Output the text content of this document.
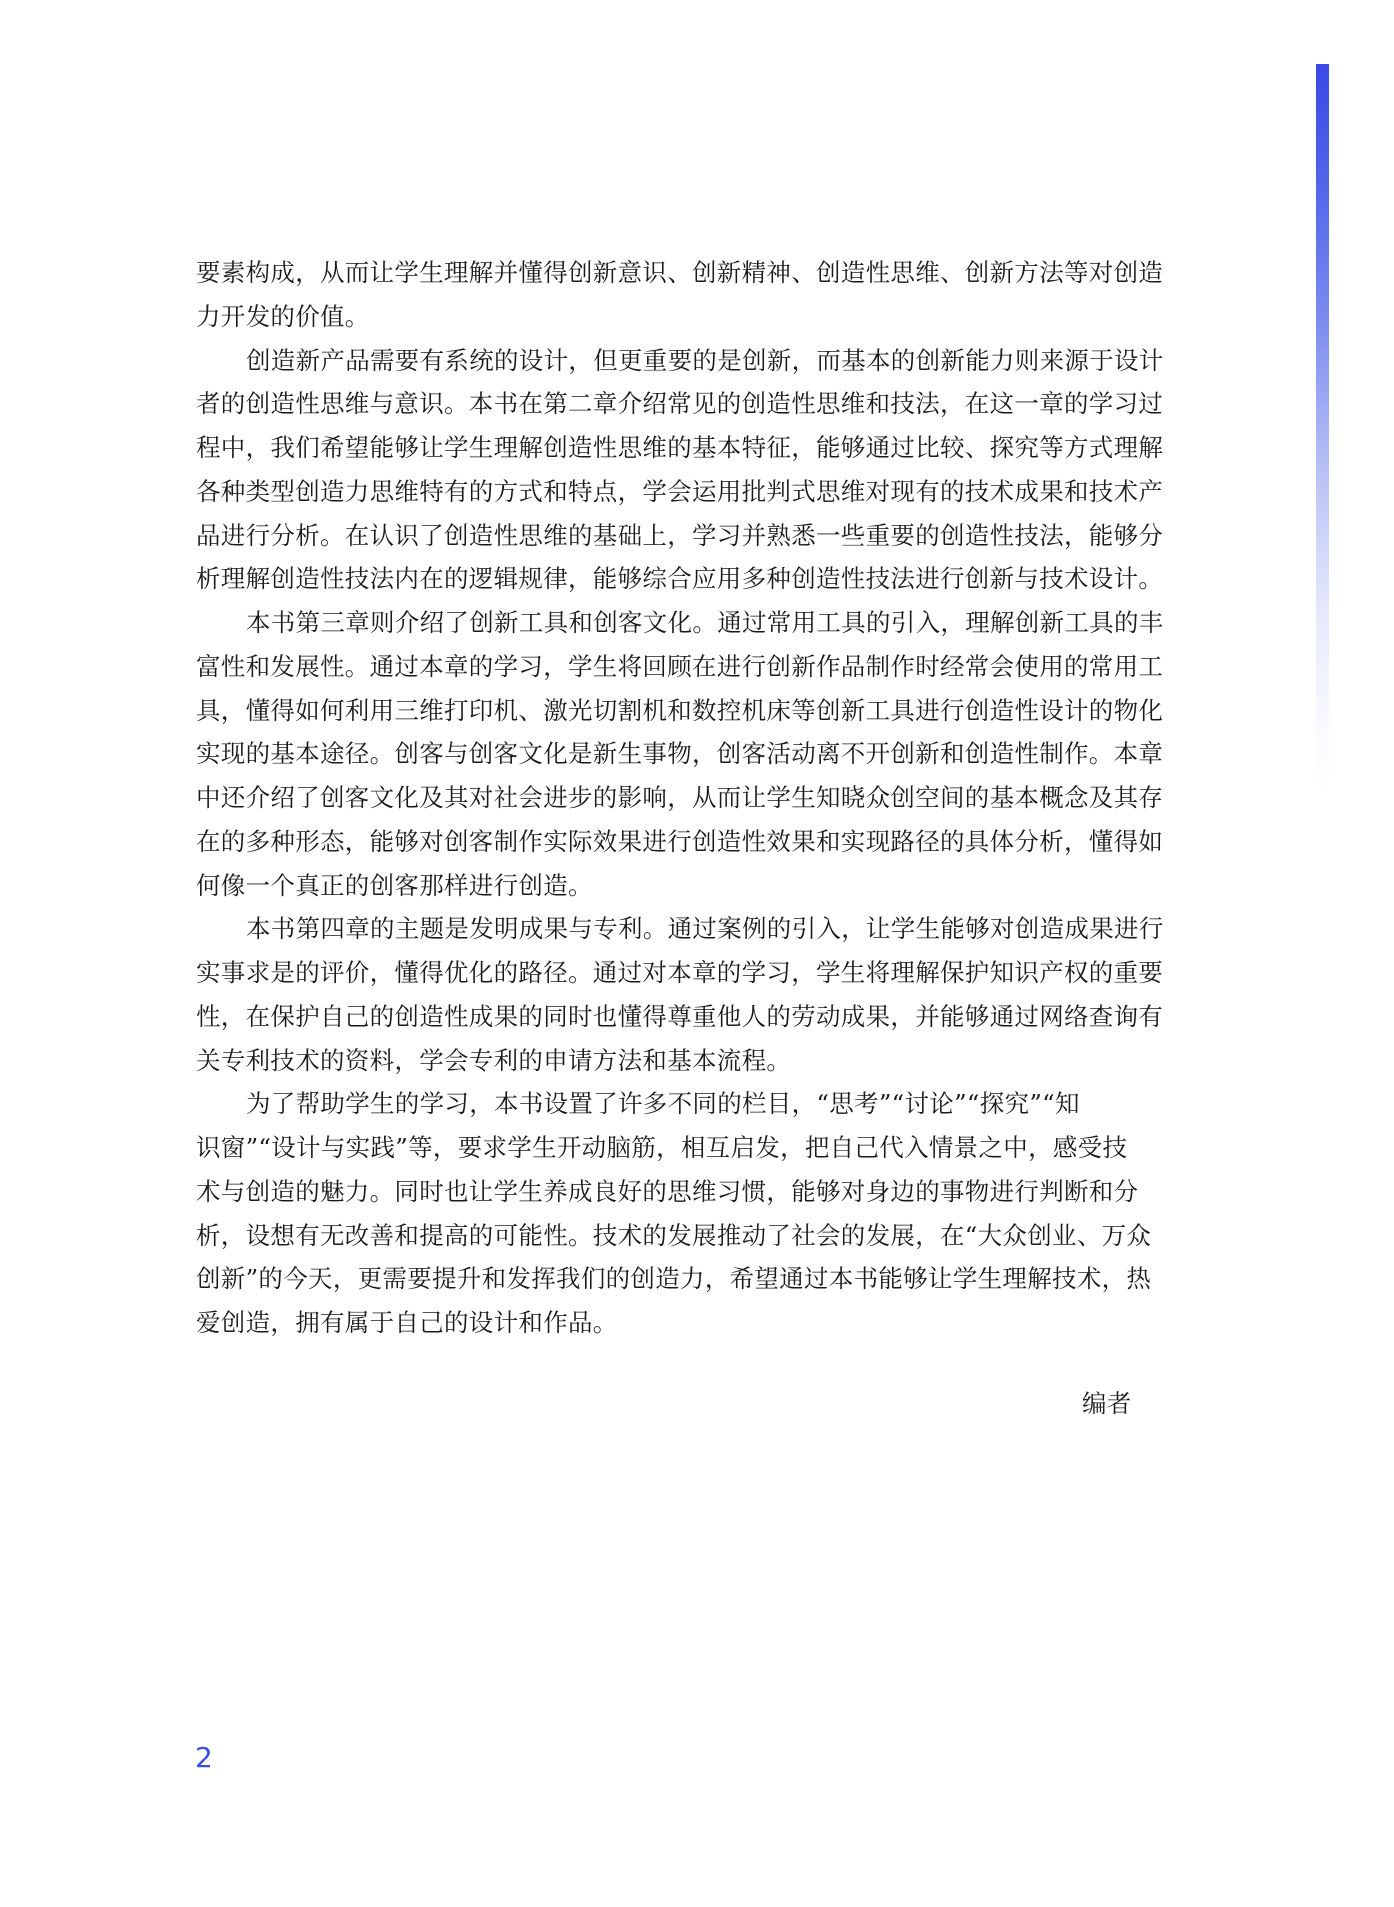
要素构成，从而让学生理解并懂得创新意识、创新精神、创造性思维、创新方法等对创造
力开发的价值。
创造新产品需要有系统的设计，但更重要的是创新，而基本的创新能力则来源于设计
者的创造性思维与意识。本书在第二章介绍常见的创造性思维和技法，在这一章的学习过
程中，我们希望能够让学生理解创造性思维的基本特征，能够通过比较、探究等方式理解
各种类型创造力思维特有的方式和特点，学会运用批判式思维对现有的技术成果和技术产
品进行分析。在认识了创造性思维的基础上，学习并熟悉一些重要的创造性技法，能够分
析理解创造性技法内在的逻辑规律，能够综合应用多种创造性技法进行创新与技术设计。
本书第三章则介绍了创新工具和创客文化。通过常用工具的引入，理解创新工具的丰
富性和发展性。通过本章的学习，学生将回顾在进行创新作品制作时经常会使用的常用工
具，懂得如何利用三维打印机、激光切割机和数控机床等创新工具进行创造性设计的物化
实现的基本途径。创客与创客文化是新生事物，创客活动离不开创新和创造性制作。本章
中还介绍了创客文化及其对社会进步的影响，从而让学生知晓众创空间的基本概念及其存
在的多种形态，能够对创客制作实际效果进行创造性效果和实现路径的具体分析，懂得如
何像一个真正的创客那样进行创造。
本书第四章的主题是发明成果与专利。通过案例的引入，让学生能够对创造成果进行
实事求是的评价，懂得优化的路径。通过对本章的学习，学生将理解保护知识产权的重要
性，在保护自己的创造性成果的同时也懂得尊重他人的劳动成果，并能够通过网络查询有
关专利技术的资料，学会专利的申请方法和基本流程。
为了帮助学生的学习，本书设置了许多不同的栏目，“思考”“讨论”“探究”“知
识窗”“设计与实践”等，要求学生开动脑筋，相互启发，把自己代入情景之中，感受技
术与创造的魅力。同时也让学生养成良好的思维习惯，能够对身边的事物进行判断和分
析，设想有无改善和提高的可能性。技术的发展推动了社会的发展，在“大众创业、万众
创新”的今天，更需要提升和发挥我们的创造力，希望通过本书能够让学生理解技术，热
爱创造，拥有属于自己的设计和作品。
编者
2
